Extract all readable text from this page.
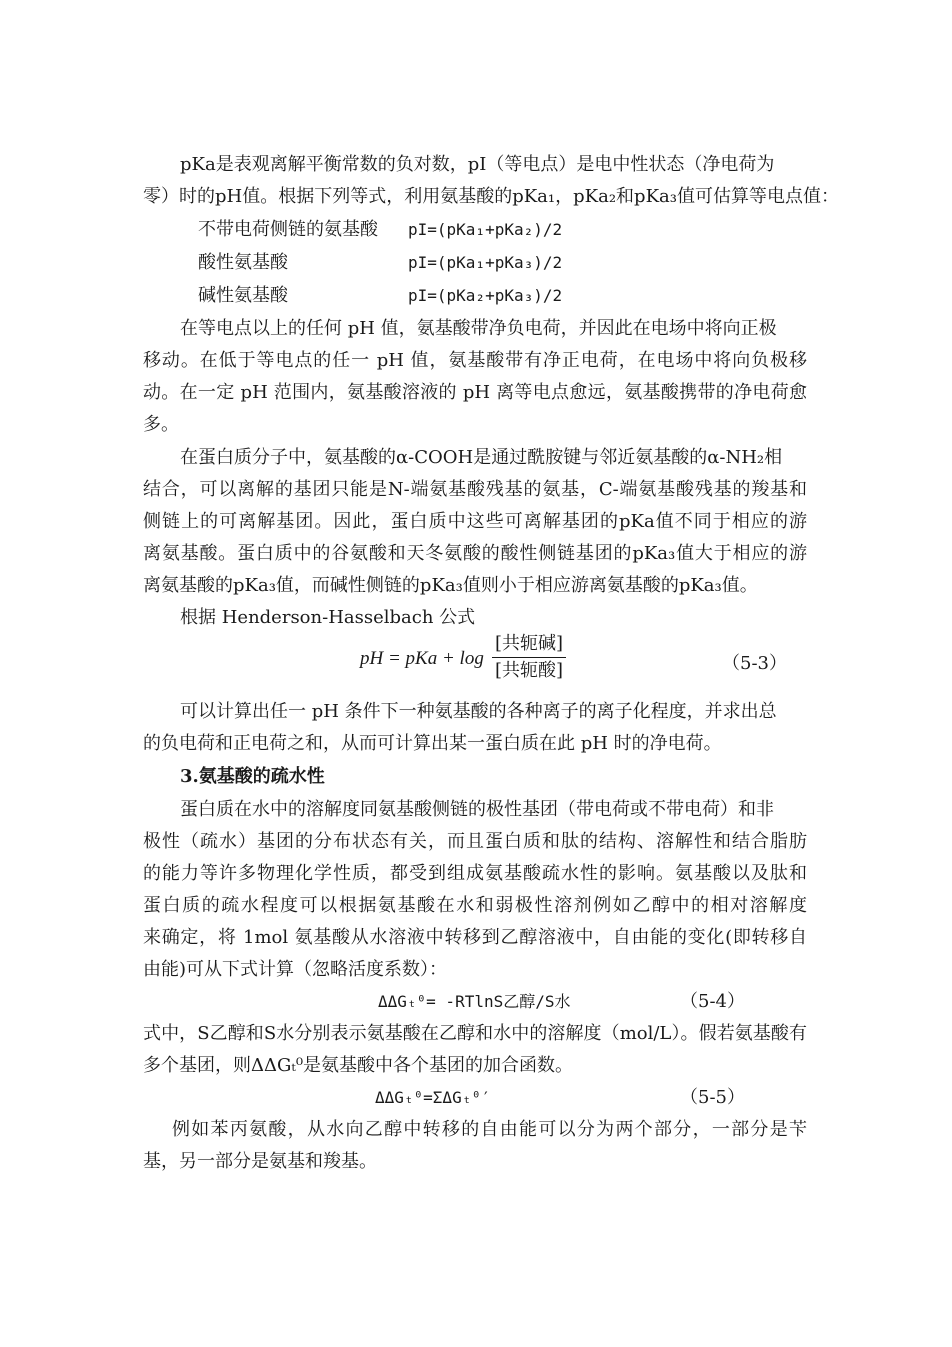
pKa是表观离解平衡常数的负对数，pI（等电点）是电中性状态（净电荷为
零）时的pH值。根据下列等式，利用氨基酸的pKa₁，pKa₂和pKa₃值可估算等电点值：
不带电荷侧链的氨基酸 pI=(pKa₁+pKa₂)/2
酸性氨基酸	pI=(pKa₁+pKa₃)/2
碱性氨基酸	pI=(pKa₂+pKa₃)/2
在等电点以上的任何 pH 值，氨基酸带净负电荷，并因此在电场中将向正极
移动。在低于等电点的任一 pH 值，氨基酸带有净正电荷，在电场中将向负极移
动。在一定 pH 范围内，氨基酸溶液的 pH 离等电点愈远，氨基酸携带的净电荷愈
多。
在蛋白质分子中，氨基酸的α-COOH是通过酰胺键与邻近氨基酸的α-NH₂相
结合，可以离解的基团只能是N-端氨基酸残基的氨基，C-端氨基酸残基的羧基和
侧链上的可离解基团。因此，蛋白质中这些可离解基团的pKa值不同于相应的游
离氨基酸。蛋白质中的谷氨酸和天冬氨酸的酸性侧链基团的pKa₃值大于相应的游
离氨基酸的pKa₃值，而碱性侧链的pKa₃值则小于相应游离氨基酸的pKa₃值。
根据 Henderson-Hasselbach 公式
pH = pKa + log
[共轭碱]
[共轭酸]	（5-3）
可以计算出任一 pH 条件下一种氨基酸的各种离子的离子化程度，并求出总
的负电荷和正电荷之和，从而可计算出某一蛋白质在此 pH 时的净电荷。
3.氨基酸的疏水性
蛋白质在水中的溶解度同氨基酸侧链的极性基团（带电荷或不带电荷）和非
极性（疏水）基团的分布状态有关，而且蛋白质和肽的结构、溶解性和结合脂肪
的能力等许多物理化学性质，都受到组成氨基酸疏水性的影响。氨基酸以及肽和
蛋白质的疏水程度可以根据氨基酸在水和弱极性溶剂例如乙醇中的相对溶解度
来确定，将 1mol 氨基酸从水溶液中转移到乙醇溶液中，自由能的变化(即转移自
由能)可从下式计算（忽略活度系数）：
ΔΔGₜ⁰= -RTlnS乙醇/S水	（5-4）
式中，S乙醇和S水分别表示氨基酸在乙醇和水中的溶解度（mol/L）。假若氨基酸有
多个基团，则ΔΔGₜ⁰是氨基酸中各个基团的加合函数。
ΔΔGₜ⁰=ΣΔGₜ⁰′	（5-5）
例如苯丙氨酸，从水向乙醇中转移的自由能可以分为两个部分，一部分是苄
基，另一部分是氨基和羧基。
